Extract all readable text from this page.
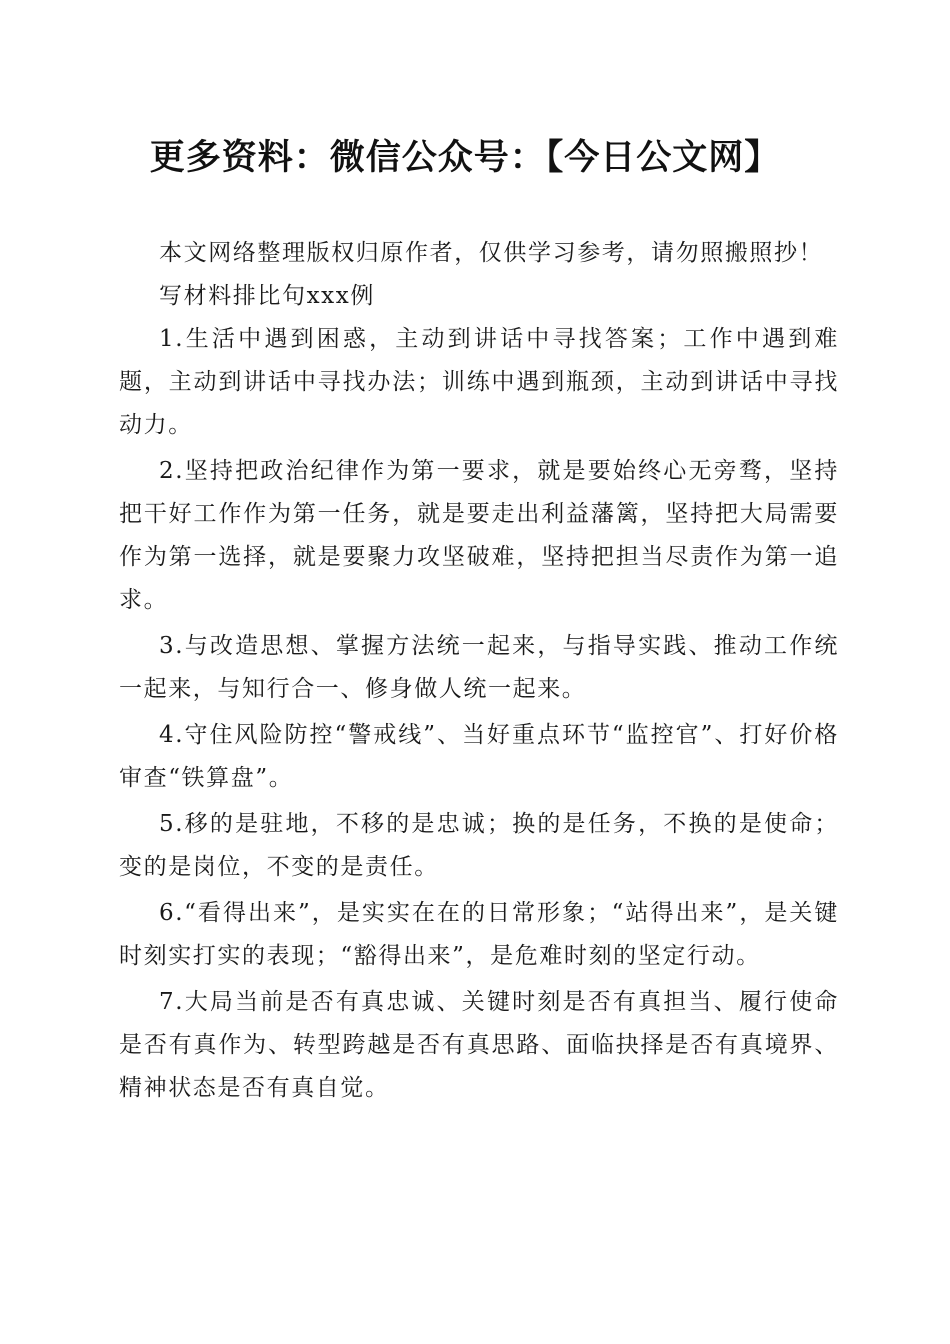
更多资料：微信公众号：【今日公文网】

本文网络整理版权归原作者，仅供学习参考，请勿照搬照抄！

写材料排比句xxx例

1.生活中遇到困惑，主动到讲话中寻找答案；工作中遇到难题，主动到讲话中寻找办法；训练中遇到瓶颈，主动到讲话中寻找动力。

2.坚持把政治纪律作为第一要求，就是要始终心无旁骛，坚持把干好工作作为第一任务，就是要走出利益藩篱，坚持把大局需要作为第一选择，就是要聚力攻坚破难，坚持把担当尽责作为第一追求。

3.与改造思想、掌握方法统一起来，与指导实践、推动工作统一起来，与知行合一、修身做人统一起来。

4.守住风险防控“警戒线”、当好重点环节“监控官”、打好价格审查“铁算盘”。

5.移的是驻地，不移的是忠诚；换的是任务，不换的是使命；变的是岗位，不变的是责任。

6.“看得出来”，是实实在在的日常形象；“站得出来”，是关键时刻实打实的表现；“豁得出来”，是危难时刻的坚定行动。

7.大局当前是否有真忠诚、关键时刻是否有真担当、履行使命是否有真作为、转型跨越是否有真思路、面临抉择是否有真境界、精神状态是否有真自觉。
